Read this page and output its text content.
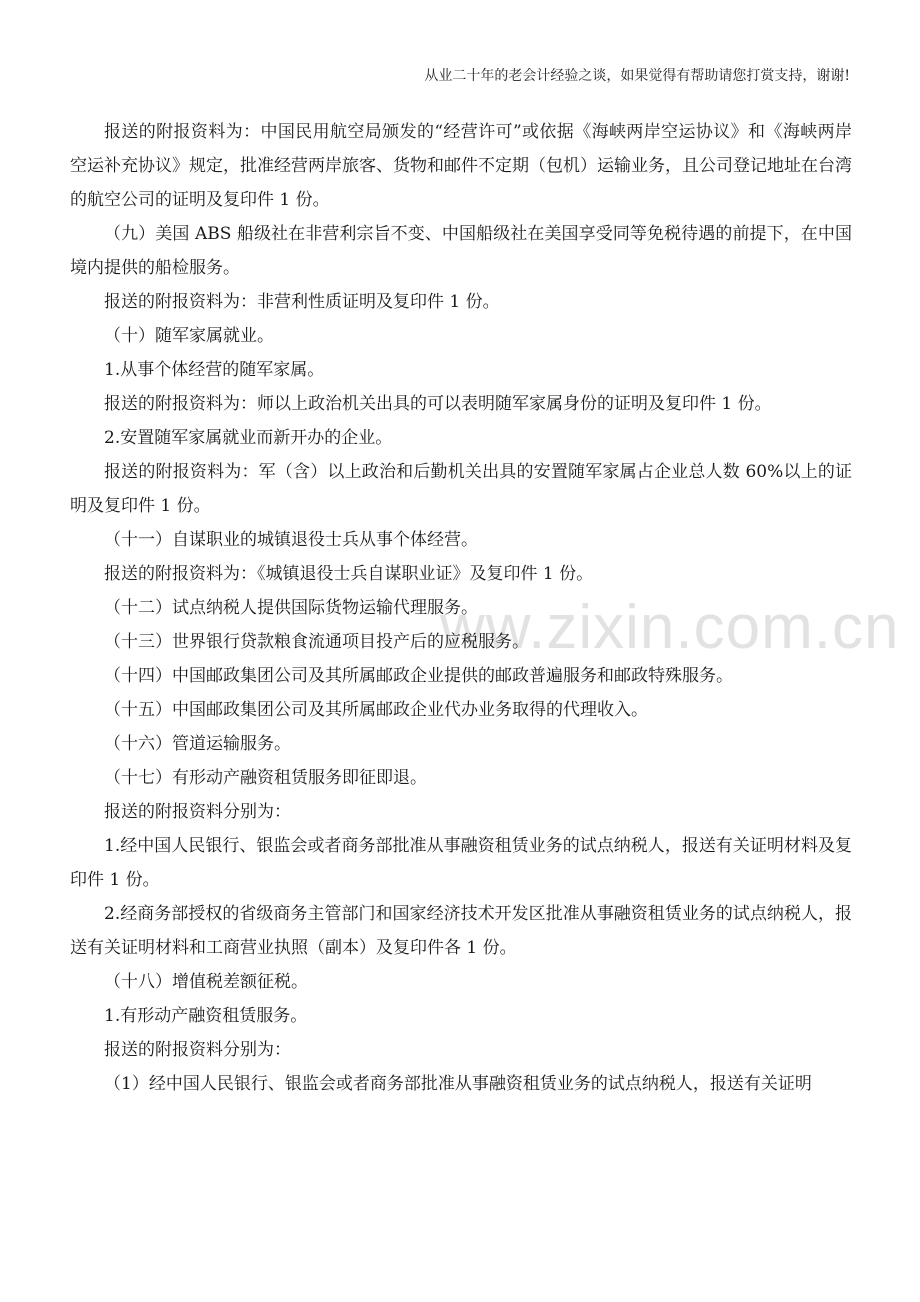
从业二十年的老会计经验之谈，如果觉得有帮助请您打赏支持，谢谢!
ww.zixin.com.cn

报送的附报资料为：中国民用航空局颁发的“经营许可”或依据《海峡两岸空运协议》和《海峡两岸空运补充协议》规定，批准经营两岸旅客、货物和邮件不定期（包机）运输业务，且公司登记地址在台湾的航空公司的证明及复印件 1 份。

（九）美国 ABS 船级社在非营利宗旨不变、中国船级社在美国享受同等免税待遇的前提下，在中国境内提供的船检服务。

报送的附报资料为：非营利性质证明及复印件 1 份。

（十）随军家属就业。

1.从事个体经营的随军家属。

报送的附报资料为：师以上政治机关出具的可以表明随军家属身份的证明及复印件 1 份。

2.安置随军家属就业而新开办的企业。

报送的附报资料为：军（含）以上政治和后勤机关出具的安置随军家属占企业总人数 60%以上的证明及复印件 1 份。

（十一）自谋职业的城镇退役士兵从事个体经营。

报送的附报资料为：《城镇退役士兵自谋职业证》及复印件 1 份。

（十二）试点纳税人提供国际货物运输代理服务。

（十三）世界银行贷款粮食流通项目投产后的应税服务。

（十四）中国邮政集团公司及其所属邮政企业提供的邮政普遍服务和邮政特殊服务。

（十五）中国邮政集团公司及其所属邮政企业代办业务取得的代理收入。

（十六）管道运输服务。

（十七）有形动产融资租赁服务即征即退。

报送的附报资料分别为：

1.经中国人民银行、银监会或者商务部批准从事融资租赁业务的试点纳税人，报送有关证明材料及复印件 1 份。

2.经商务部授权的省级商务主管部门和国家经济技术开发区批准从事融资租赁业务的试点纳税人，报送有关证明材料和工商营业执照（副本）及复印件各 1 份。

（十八）增值税差额征税。

1.有形动产融资租赁服务。

报送的附报资料分别为：

（1）经中国人民银行、银监会或者商务部批准从事融资租赁业务的试点纳税人，报送有关证明
